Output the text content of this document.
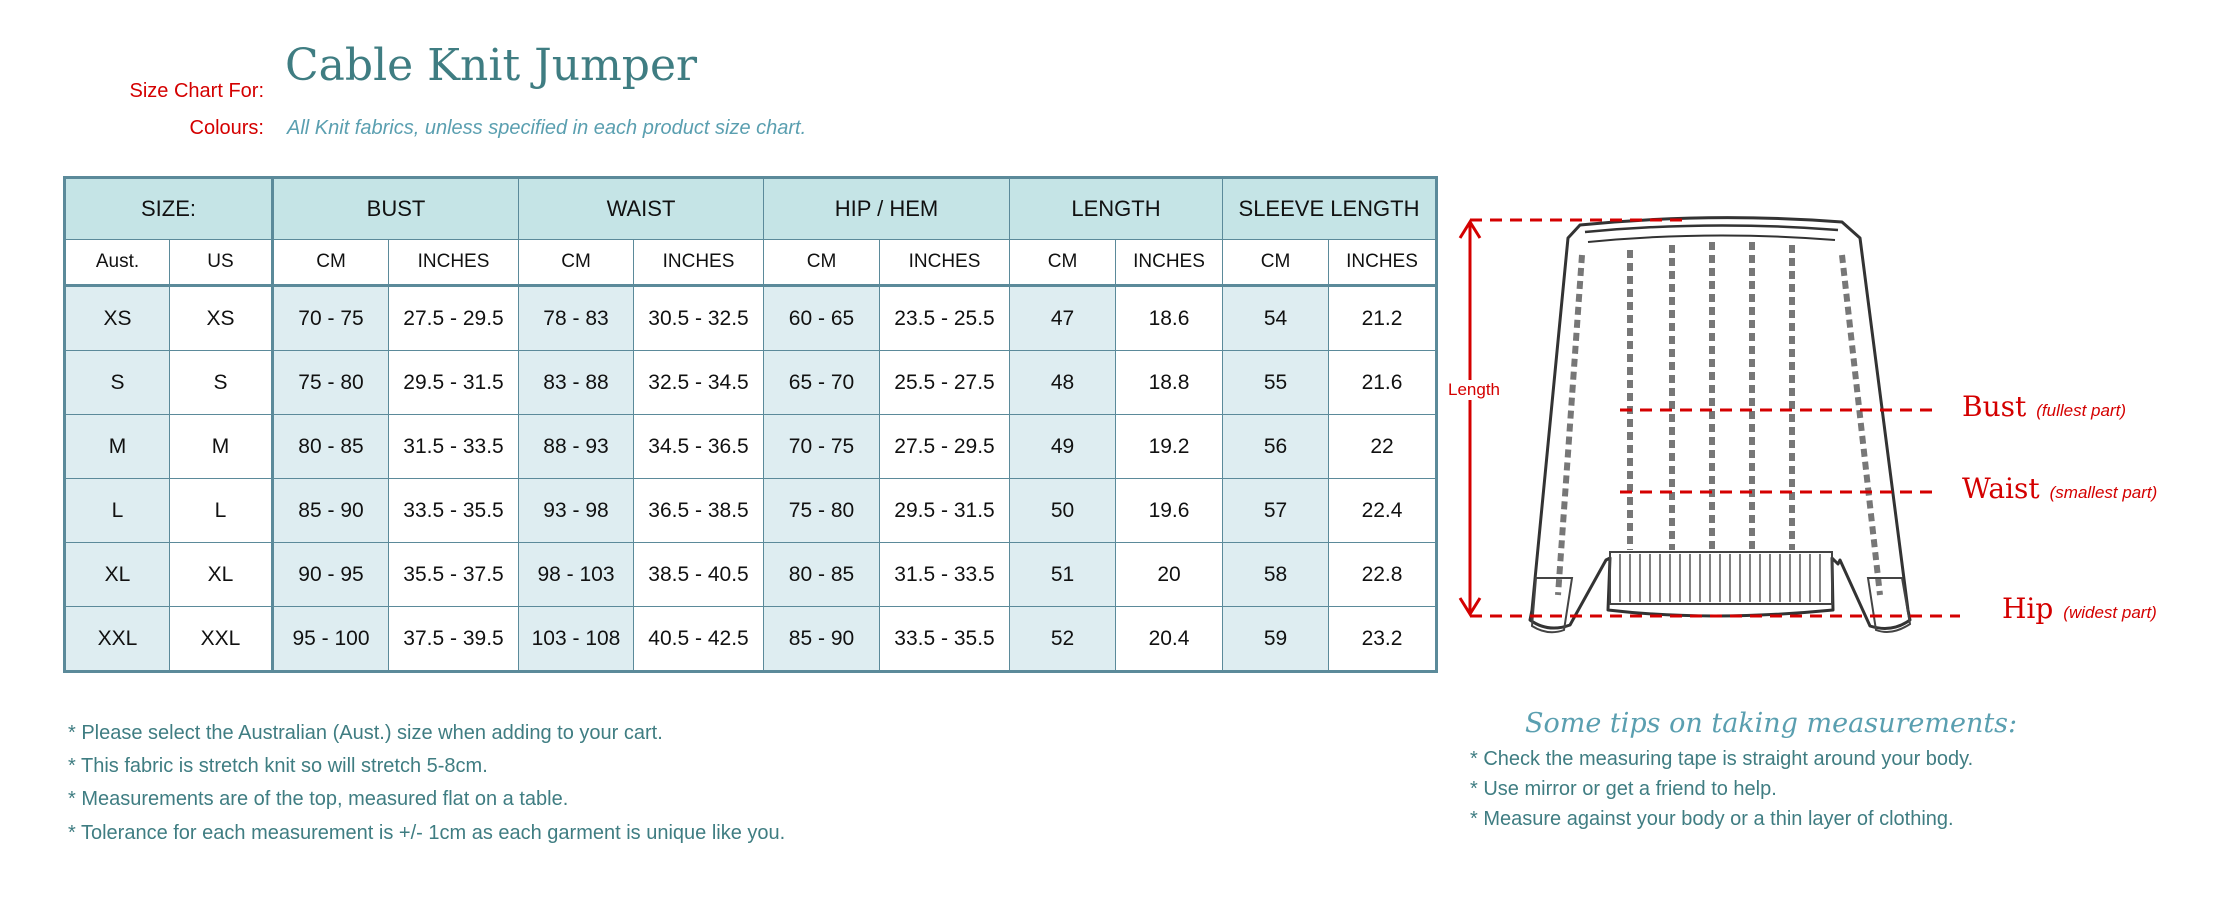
Size Chart For:
Colours:
Cable Knit Jumper
All Knit fabrics, unless specified in each product size chart.
SIZE:		BUST		WAIST		HIP / HEM		LENGTH		SLEEVE LENGTH	
Aust.	US	CM	INCHES	CM	INCHES	CM	INCHES	CM	INCHES	CM	INCHES
XS	XS	70 - 75	27.5 - 29.5	78 - 83	30.5 - 32.5	60 - 65	23.5 - 25.5	47	18.6	54	21.2
S	S	75 - 80	29.5 - 31.5	83 - 88	32.5 - 34.5	65 - 70	25.5 - 27.5	48	18.8	55	21.6
M	M	80 - 85	31.5 - 33.5	88 - 93	34.5 - 36.5	70 - 75	27.5 - 29.5	49	19.2	56	22
L	L	85 - 90	33.5 - 35.5	93 - 98	36.5 - 38.5	75 - 80	29.5 - 31.5	50	19.6	57	22.4
XL	XL	90 - 95	35.5 - 37.5	98 - 103	38.5 - 40.5	80 - 85	31.5 - 33.5	51	20	58	22.8
XXL	XXL	95 - 100	37.5 - 39.5	103 - 108	40.5 - 42.5	85 - 90	33.5 - 35.5	52	20.4	59	23.2
* Please select the Australian (Aust.) size when adding to your cart.
* This fabric is stretch knit so will stretch 5-8cm.
* Measurements are of the top, measured flat on a table.
* Tolerance for each measurement is +/- 1cm as each garment is unique like you.
Length
Bust (fullest part)
Waist (smallest part)
Hip (widest part)
Some tips on taking measurements:
* Check the measuring tape is straight around your body.
* Use mirror or get a friend to help.
* Measure against your body or a thin layer of clothing.
